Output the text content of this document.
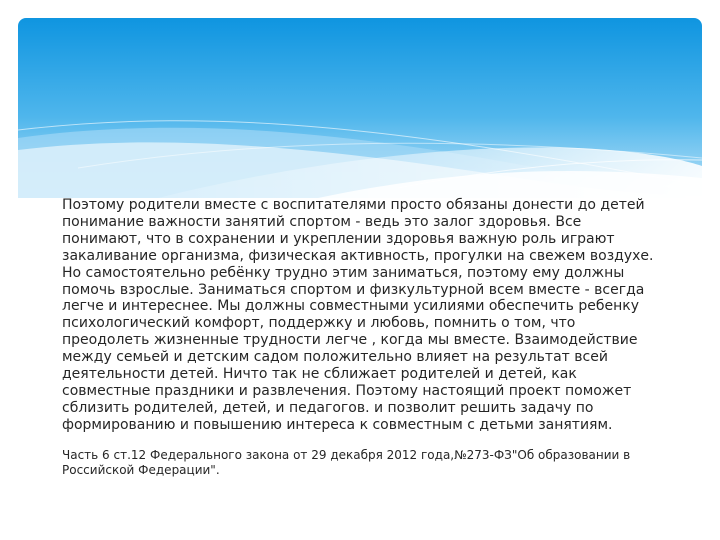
Поэтому родители вместе с воспитателями просто обязаны донести до детей понимание важности занятий спортом - ведь это залог здоровья. Все понимают, что в сохранении и укреплении здоровья важную роль играют закаливание организма, физическая активность, прогулки на свежем воздухе. Но самостоятельно ребёнку трудно этим заниматься, поэтому ему должны помочь взрослые. Заниматься спортом и физкультурной всем вместе - всегда легче и интереснее. Мы должны совместными усилиями обеспечить ребенку психологический комфорт, поддержку и любовь, помнить о том, что преодолеть жизненные трудности легче , когда мы вместе. Взаимодействие между семьей и детским садом положительно влияет на результат всей деятельности детей. Ничто так не сближает родителей и детей, как совместные праздники и развлечения. Поэтому настоящий проект поможет сблизить родителей, детей, и педагогов. и позволит решить задачу по формированию и повышению интереса к совместным с детьми занятиям.

Часть 6 ст.12 Федерального закона от 29 декабря 2012 года,№273-ФЗ"Об образовании в Российской Федерации".
